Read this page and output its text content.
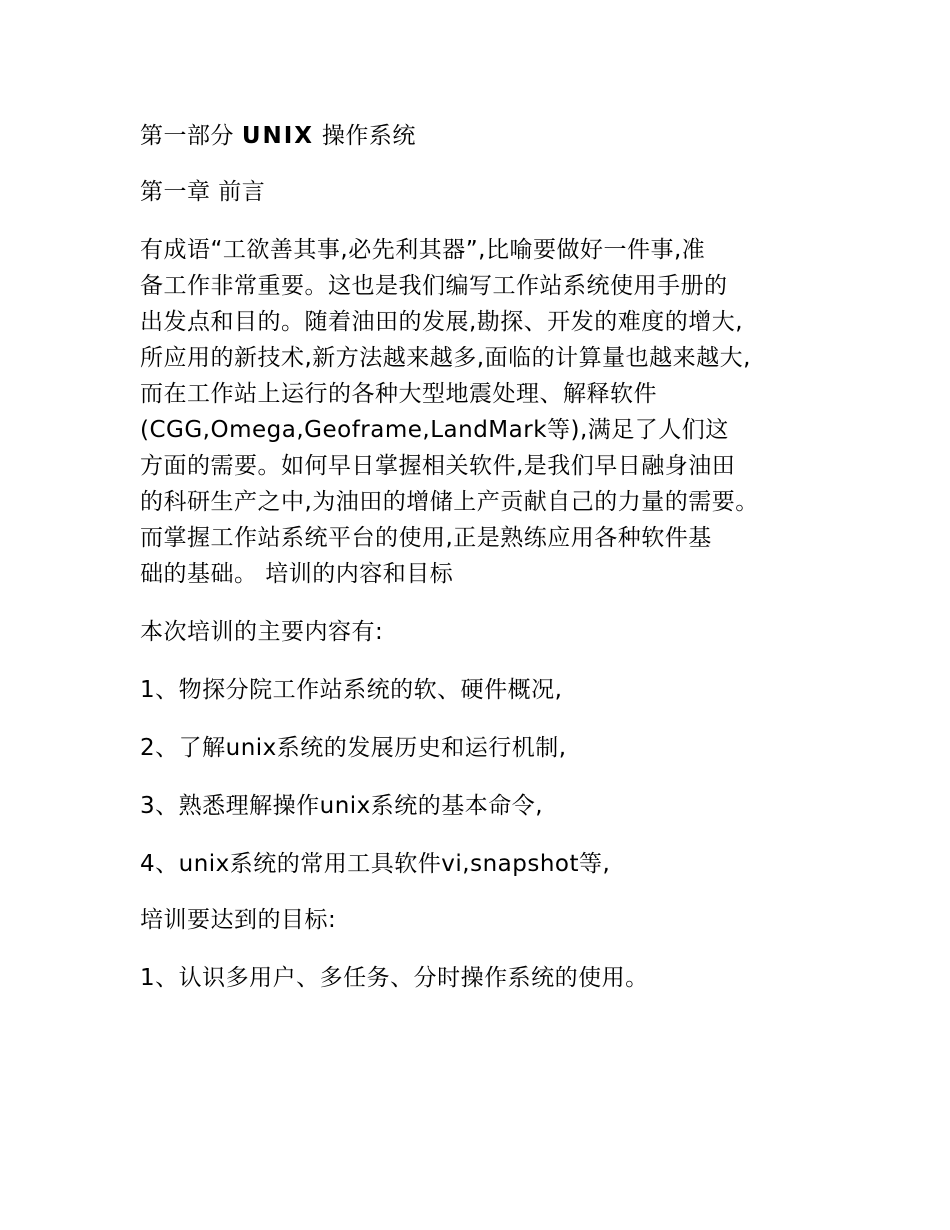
第一部分 UNIX 操作系统

第一章 前言

有成语“工欲善其事,必先利其器”,比喻要做好一件事,准
备工作非常重要。这也是我们编写工作站系统使用手册的
出发点和目的。随着油田的发展,勘探、开发的难度的增大,
所应用的新技术,新方法越来越多,面临的计算量也越来越大,
而在工作站上运行的各种大型地震处理、解释软件
(CGG,Omega,Geoframe,LandMark等),满足了人们这
方面的需要。如何早日掌握相关软件,是我们早日融身油田
的科研生产之中,为油田的增储上产贡献自己的力量的需要。
而掌握工作站系统平台的使用,正是熟练应用各种软件基
础的基础。 培训的内容和目标

本次培训的主要内容有:

1、物探分院工作站系统的软、硬件概况,

2、了解unix系统的发展历史和运行机制,

3、熟悉理解操作unix系统的基本命令,

4、unix系统的常用工具软件vi,snapshot等,

培训要达到的目标:

1、认识多用户、多任务、分时操作系统的使用。
